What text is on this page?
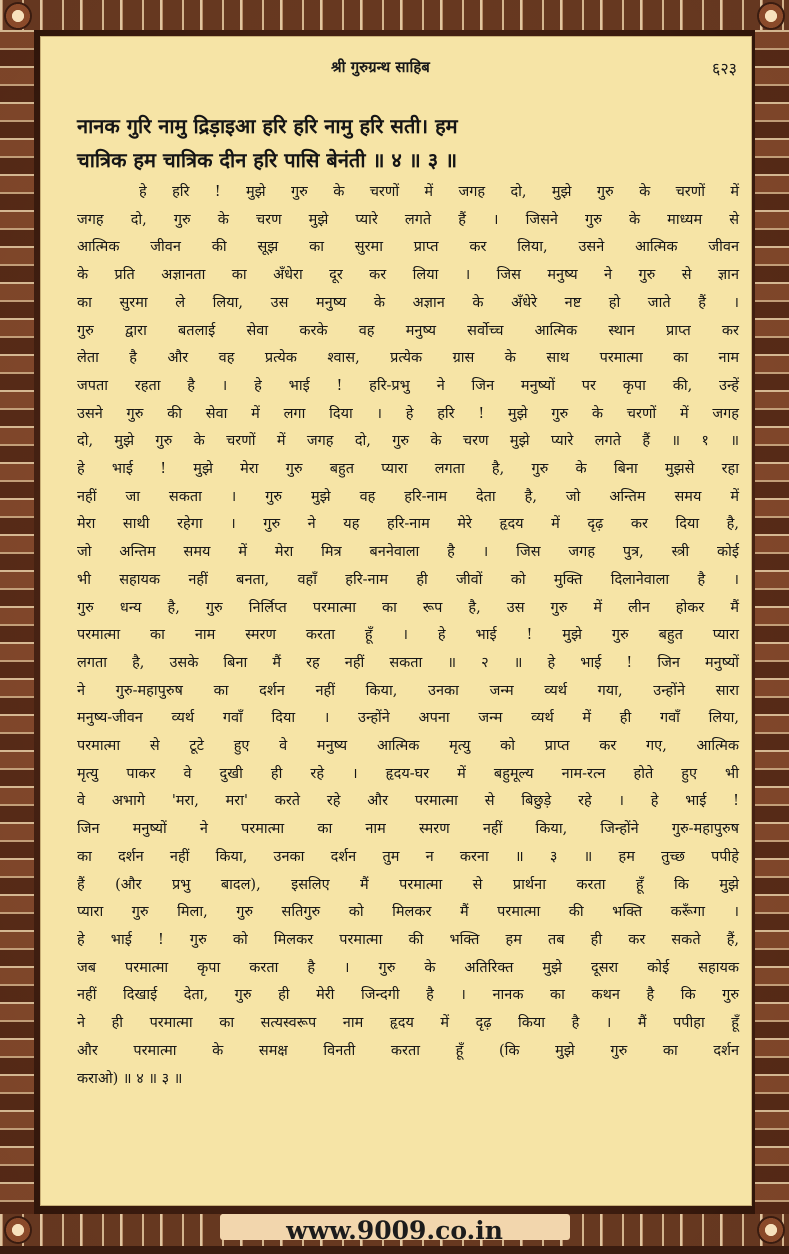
श्री गुरुग्रन्थ साहिब	६२३
नानक गुरि नामु द्रिड़ाइआ हरि हरि नामु हरि सती। हम
चात्रिक हम चात्रिक दीन हरि पासि बेनंती ॥ ४ ॥ ३ ॥
हे हरि ! मुझे गुरु के चरणों में जगह दो, मुझे गुरु के चरणों में
जगह दो, गुरु के चरण मुझे प्यारे लगते हैं । जिसने गुरु के माध्यम से
आत्मिक जीवन की सूझ का सुरमा प्राप्त कर लिया, उसने आत्मिक जीवन
के प्रति अज्ञानता का अँधेरा दूर कर लिया । जिस मनुष्य ने गुरु से ज्ञान
का सुरमा ले लिया, उस मनुष्य के अज्ञान के अँधेरे नष्ट हो जाते हैं ।
गुरु द्वारा बतलाई सेवा करके वह मनुष्य सर्वोच्च आत्मिक स्थान प्राप्त कर
लेता है और वह प्रत्येक श्वास, प्रत्येक ग्रास के साथ परमात्मा का नाम
जपता रहता है । हे भाई ! हरि-प्रभु ने जिन मनुष्यों पर कृपा की, उन्हें
उसने गुरु की सेवा में लगा दिया । हे हरि ! मुझे गुरु के चरणों में जगह
दो, मुझे गुरु के चरणों में जगह दो, गुरु के चरण मुझे प्यारे लगते हैं ॥ १ ॥
हे भाई ! मुझे मेरा गुरु बहुत प्यारा लगता है, गुरु के बिना मुझसे रहा
नहीं जा सकता । गुरु मुझे वह हरि-नाम देता है, जो अन्तिम समय में
मेरा साथी रहेगा । गुरु ने यह हरि-नाम मेरे हृदय में दृढ़ कर दिया है,
जो अन्तिम समय में मेरा मित्र बननेवाला है । जिस जगह पुत्र, स्त्री कोई
भी सहायक नहीं बनता, वहाँ हरि-नाम ही जीवों को मुक्ति दिलानेवाला है ।
गुरु धन्य है, गुरु निर्लिप्त परमात्मा का रूप है, उस गुरु में लीन होकर मैं
परमात्मा का नाम स्मरण करता हूँ । हे भाई ! मुझे गुरु बहुत प्यारा
लगता है, उसके बिना मैं रह नहीं सकता ॥ २ ॥ हे भाई ! जिन मनुष्यों
ने गुरु-महापुरुष का दर्शन नहीं किया, उनका जन्म व्यर्थ गया, उन्होंने सारा
मनुष्य-जीवन व्यर्थ गवाँ दिया । उन्होंने अपना जन्म व्यर्थ में ही गवाँ लिया,
परमात्मा से टूटे हुए वे मनुष्य आत्मिक मृत्यु को प्राप्त कर गए, आत्मिक
मृत्यु पाकर वे दुखी ही रहे । हृदय-घर में बहुमूल्य नाम-रत्न होते हुए भी
वे अभागे 'मरा, मरा' करते रहे और परमात्मा से बिछुड़े रहे । हे भाई !
जिन मनुष्यों ने परमात्मा का नाम स्मरण नहीं किया, जिन्होंने गुरु-महापुरुष
का दर्शन नहीं किया, उनका दर्शन तुम न करना ॥ ३ ॥ हम तुच्छ पपीहे
हैं (और प्रभु बादल), इसलिए मैं परमात्मा से प्रार्थना करता हूँ कि मुझे
प्यारा गुरु मिला, गुरु सतिगुरु को मिलकर मैं परमात्मा की भक्ति करूँगा ।
हे भाई ! गुरु को मिलकर परमात्मा की भक्ति हम तब ही कर सकते हैं,
जब परमात्मा कृपा करता है । गुरु के अतिरिक्त मुझे दूसरा कोई सहायक
नहीं दिखाई देता, गुरु ही मेरी जिन्दगी है । नानक का कथन है कि गुरु
ने ही परमात्मा का सत्यस्वरूप नाम हृदय में दृढ़ किया है । मैं पपीहा हूँ
और परमात्मा के समक्ष विनती करता हूँ (कि मुझे गुरु का दर्शन
कराओ) ॥ ४ ॥ ३ ॥
www.9009.co.in
